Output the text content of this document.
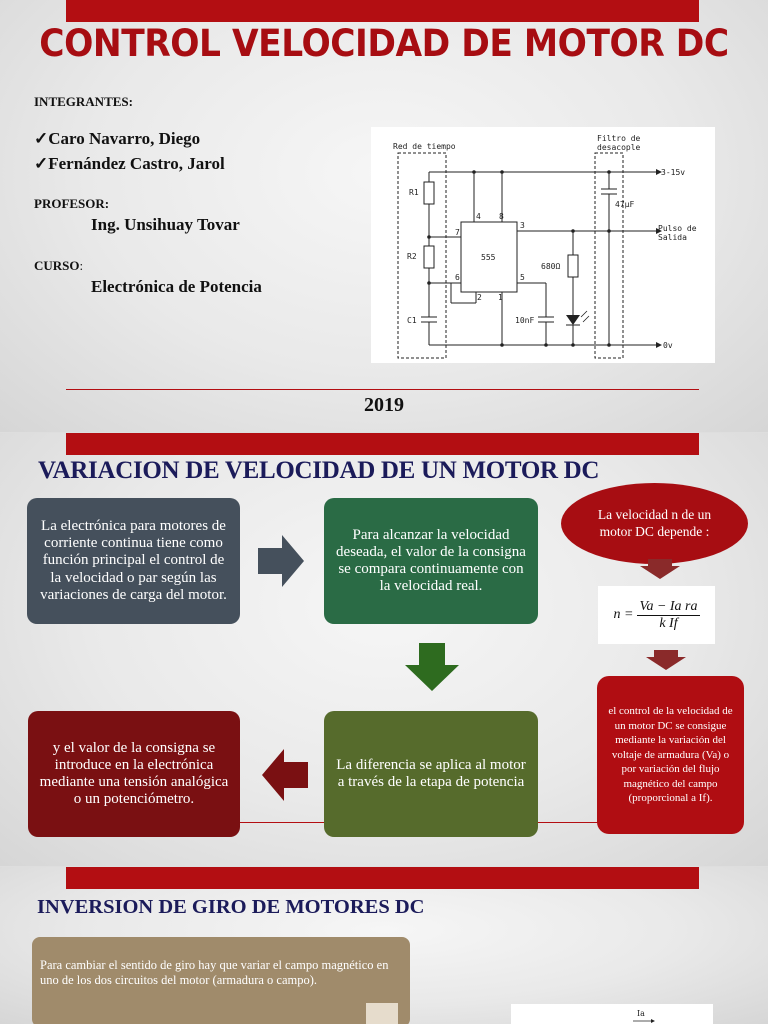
CONTROL VELOCIDAD DE MOTOR DC
INTEGRANTES:
✓Caro Navarro, Diego
✓Fernández Castro, Jarol
PROFESOR:
Ing. Unsihuay Tovar
CURSO:
Electrónica de Potencia
Red de tiempo
Filtro de
desacople
3-15v
R1
R2
C1
555
4 8
7
3
6
2 1
5
47µF
Pulso de
Salida
680Ω
10nF
0v
2019
VARIACION DE VELOCIDAD DE UN MOTOR DC
La electrónica para motores de corriente continua tiene como función principal el control de la velocidad o par según las variaciones de carga del motor.
Para alcanzar la velocidad deseada, el valor de la consigna se compara continuamente con la velocidad real.
La diferencia se aplica al motor a través de la etapa de potencia
y el valor de la consigna se introduce en la electrónica mediante una tensión analógica o un potenciómetro.
La velocidad n de un motor DC depende :
$n = \frac{\text{Va − Ia ra}}{\text{k If}}$
el control de la velocidad de un motor DC se consigue mediante la variación del voltaje de armadura (Va) o por variación del flujo magnético del campo (proporcional a If).
INVERSION DE GIRO DE MOTORES DC
Para cambiar el sentido de giro hay que variar el campo magnético en uno de los dos circuitos del motor (armadura o campo).
Ia
